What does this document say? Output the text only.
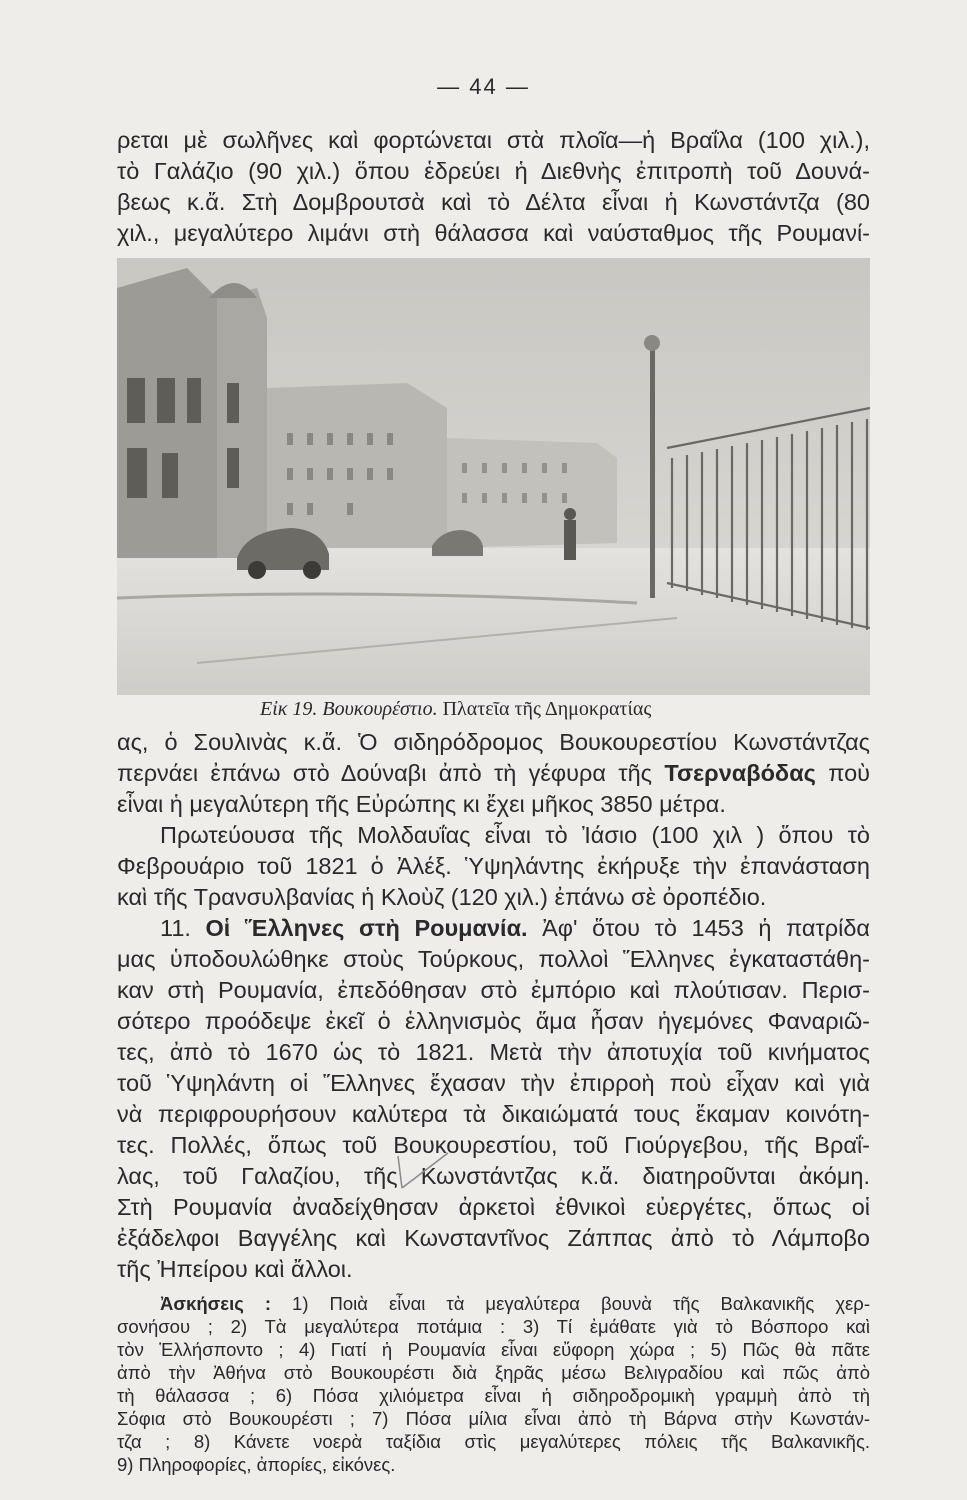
— 44 —
ρεται μὲ σωλῆνες καὶ φορτώνεται στὰ πλοῖα—ἡ Βραΐλα (100 χιλ.),
τὸ Γαλάζιο (90 χιλ.) ὅπου ἑδρεύει ἡ Διεθνὴς ἐπιτροπὴ τοῦ Δουνά-
βεως κ.ἄ. Στὴ Δομβρουτσὰ καὶ τὸ Δέλτα εἶναι ἡ Κωνστάντζα (80
χιλ., μεγαλύτερο λιμάνι στὴ θάλασσα καὶ ναύσταθμος τῆς Ρουμανί-
Εἰκ 19. Βουκουρέστιο. Πλατεῖα τῆς Δημοκρατίας
ας, ὁ Σουλινὰς κ.ἄ. Ὁ σιδηρόδρομος Βουκουρεστίου Κωνστάντζας
περνάει ἐπάνω στὸ Δούναβι ἀπὸ τὴ γέφυρα τῆς Τσερναβόδας ποὺ
εἶναι ἡ μεγαλύτερη τῆς Εὐρώπης κι ἔχει μῆκος 3850 μέτρα.
Πρωτεύουσα τῆς Μολδαυΐας εἶναι τὸ Ἰάσιο (100 χιλ ) ὅπου τὸ
Φεβρουάριο τοῦ 1821 ὁ Ἀλέξ. Ὑψηλάντης ἐκήρυξε τὴν ἐπανάσταση
καὶ τῆς Τρανσυλβανίας ἡ Κλοὺζ (120 χιλ.) ἐπάνω σὲ ὀροπέδιο.
11. Οἱ Ἕλληνες στὴ Ρουμανία. Ἀφ' ὅτου τὸ 1453 ἡ πατρίδα
μας ὑποδουλώθηκε στοὺς Τούρκους, πολλοὶ Ἕλληνες ἐγκαταστάθη-
καν στὴ Ρουμανία, ἐπεδόθησαν στὸ ἐμπόριο καὶ πλούτισαν. Περισ-
σότερο προόδεψε ἐκεῖ ὁ ἑλληνισμὸς ἅμα ἦσαν ἡγεμόνες Φαναριῶ-
τες, ἀπὸ τὸ 1670 ὡς τὸ 1821. Μετὰ τὴν ἀποτυχία τοῦ κινήματος
τοῦ Ὑψηλάντη οἱ Ἕλληνες ἔχασαν τὴν ἐπιρροὴ ποὺ εἶχαν καὶ γιὰ
νὰ περιφρουρήσουν καλύτερα τὰ δικαιώματά τους ἔκαμαν κοινότη-
τες. Πολλές, ὅπως τοῦ Βουκουρεστίου, τοῦ Γιούργεβου, τῆς Βραΐ-
λας, τοῦ Γαλαζίου, τῆς Κωνστάντζας κ.ἄ. διατηροῦνται ἀκόμη.
Στὴ Ρουμανία ἀναδείχθησαν ἀρκετοὶ ἐθνικοὶ εὐεργέτες, ὅπως οἱ
ἐξάδελφοι Βαγγέλης καὶ Κωνσταντῖνος Ζάππας ἀπὸ τὸ Λάμποβο
τῆς Ἠπείρου καὶ ἄλλοι.
Ἀσκήσεις : 1) Ποιὰ εἶναι τὰ μεγαλύτερα βουνὰ τῆς Βαλκανικῆς χερ-
σονήσου ; 2) Τὰ μεγαλύτερα ποτάμια : 3) Τί ἐμάθατε γιὰ τὸ Βόσπορο καὶ
τὸν Ἑλλήσποντο ; 4) Γιατί ἡ Ρουμανία εἶναι εὔφορη χώρα ; 5) Πῶς θὰ πᾶτε
ἀπὸ τὴν Ἀθήνα στὸ Βουκουρέστι διὰ ξηρᾶς μέσω Βελιγραδίου καὶ πῶς ἀπὸ
τὴ θάλασσα ; 6) Πόσα χιλιόμετρα εἶναι ἡ σιδηροδρομικὴ γραμμὴ ἀπὸ τὴ
Σόφια στὸ Βουκουρέστι ; 7) Πόσα μίλια εἶναι ἀπὸ τὴ Βάρνα στὴν Κωνστάν-
τζα ; 8) Κάνετε νοερὰ ταξίδια στὶς μεγαλύτερες πόλεις τῆς Βαλκανικῆς.
9) Πληροφορίες, ἀπορίες, εἰκόνες.
